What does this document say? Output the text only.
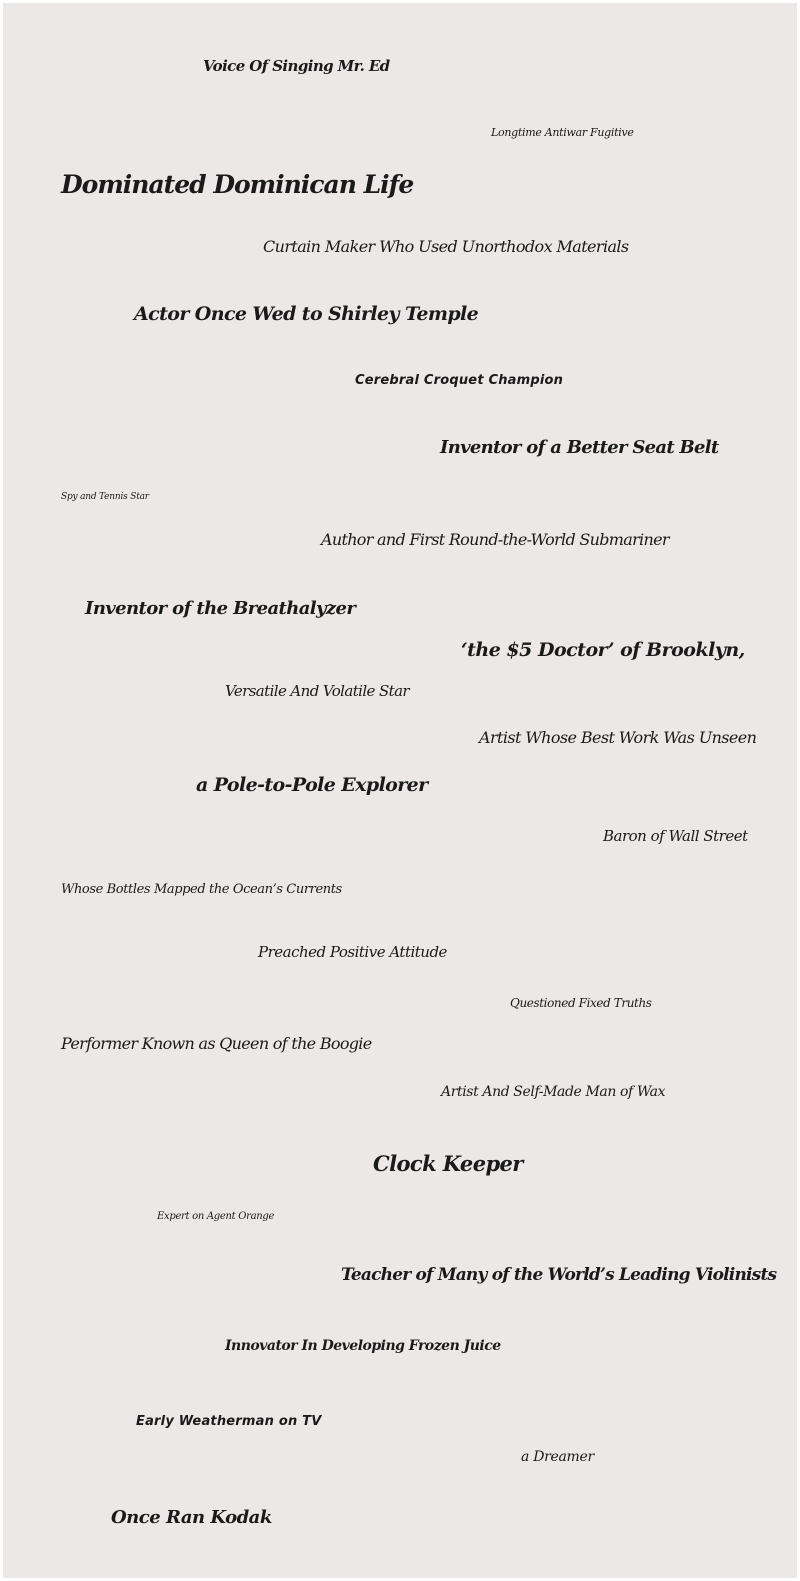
Voice Of Singing Mr. Ed
Longtime Antiwar Fugitive
Dominated Dominican Life
Curtain Maker Who Used Unorthodox Materials
Actor Once Wed to Shirley Temple
Cerebral Croquet Champion
Inventor of a Better Seat Belt
Spy and Tennis Star
Author and First Round-the-World Submariner
Inventor of the Breathalyzer
‘the $5 Doctor’ of Brooklyn,
Versatile And Volatile Star
Artist Whose Best Work Was Unseen
a Pole-to-Pole Explorer
Baron of Wall Street
Whose Bottles Mapped the Ocean’s Currents
Preached Positive Attitude
Questioned Fixed Truths
Performer Known as Queen of the Boogie
Artist And Self-Made Man of Wax
Clock Keeper
Expert on Agent Orange
Teacher of Many of the World’s Leading Violinists
Innovator In Developing Frozen Juice
Early Weatherman on TV
a Dreamer
Once Ran Kodak
